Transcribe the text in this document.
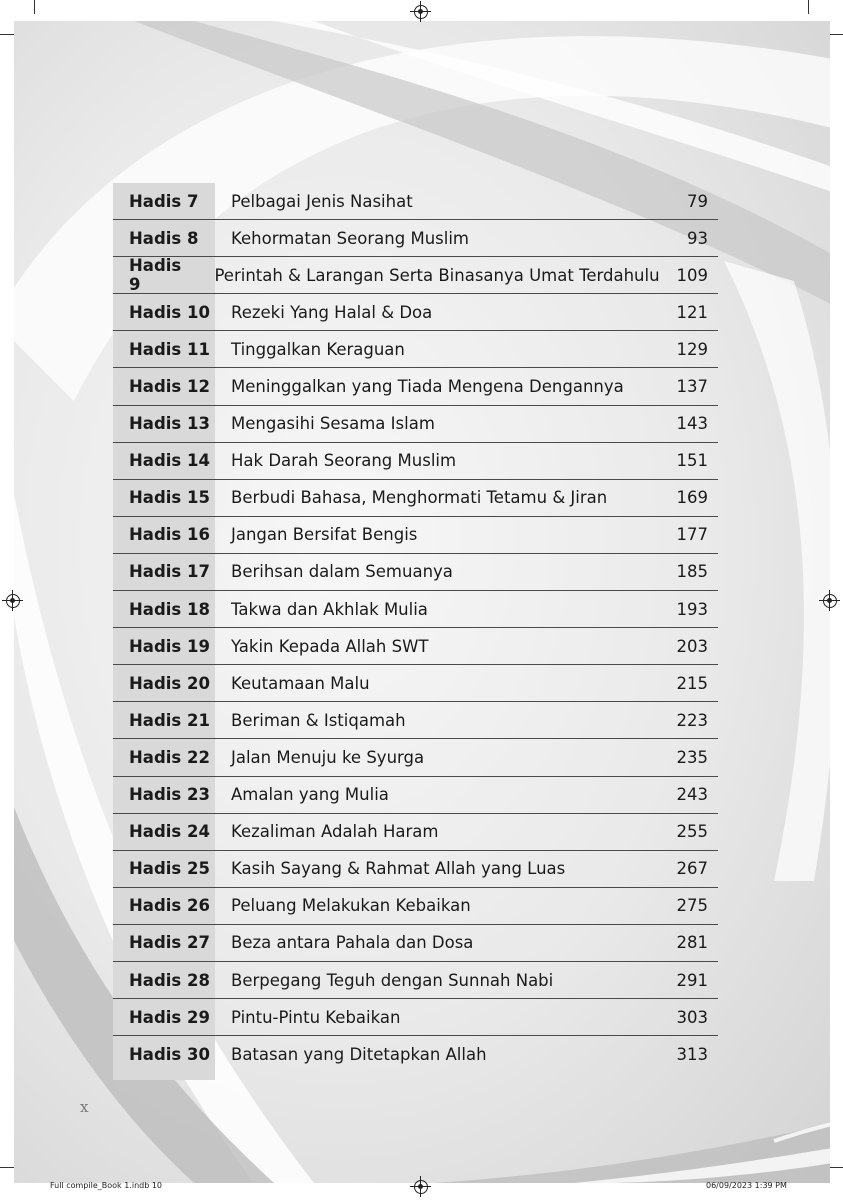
Hadis 7	Pelbagai Jenis Nasihat	79
Hadis 8	Kehormatan Seorang Muslim	93
Hadis 9	Perintah & Larangan Serta Binasanya Umat Terdahulu	109
Hadis 10	Rezeki Yang Halal & Doa	121
Hadis 11	Tinggalkan Keraguan	129
Hadis 12	Meninggalkan yang Tiada Mengena Dengannya	137
Hadis 13	Mengasihi Sesama Islam	143
Hadis 14	Hak Darah Seorang Muslim	151
Hadis 15	Berbudi Bahasa, Menghormati Tetamu & Jiran	169
Hadis 16	Jangan Bersifat Bengis	177
Hadis 17	Berihsan dalam Semuanya	185
Hadis 18	Takwa dan Akhlak Mulia	193
Hadis 19	Yakin Kepada Allah SWT	203
Hadis 20	Keutamaan Malu	215
Hadis 21	Beriman & Istiqamah	223
Hadis 22	Jalan Menuju ke Syurga	235
Hadis 23	Amalan yang Mulia	243
Hadis 24	Kezaliman Adalah Haram	255
Hadis 25	Kasih Sayang & Rahmat Allah yang Luas	267
Hadis 26	Peluang Melakukan Kebaikan	275
Hadis 27	Beza antara Pahala dan Dosa	281
Hadis 28	Berpegang Teguh dengan Sunnah Nabi	291
Hadis 29	Pintu-Pintu Kebaikan	303
Hadis 30	Batasan yang Ditetapkan Allah	313
x
Full compile_Book 1.indb 10	06/09/2023 1:39 PM
